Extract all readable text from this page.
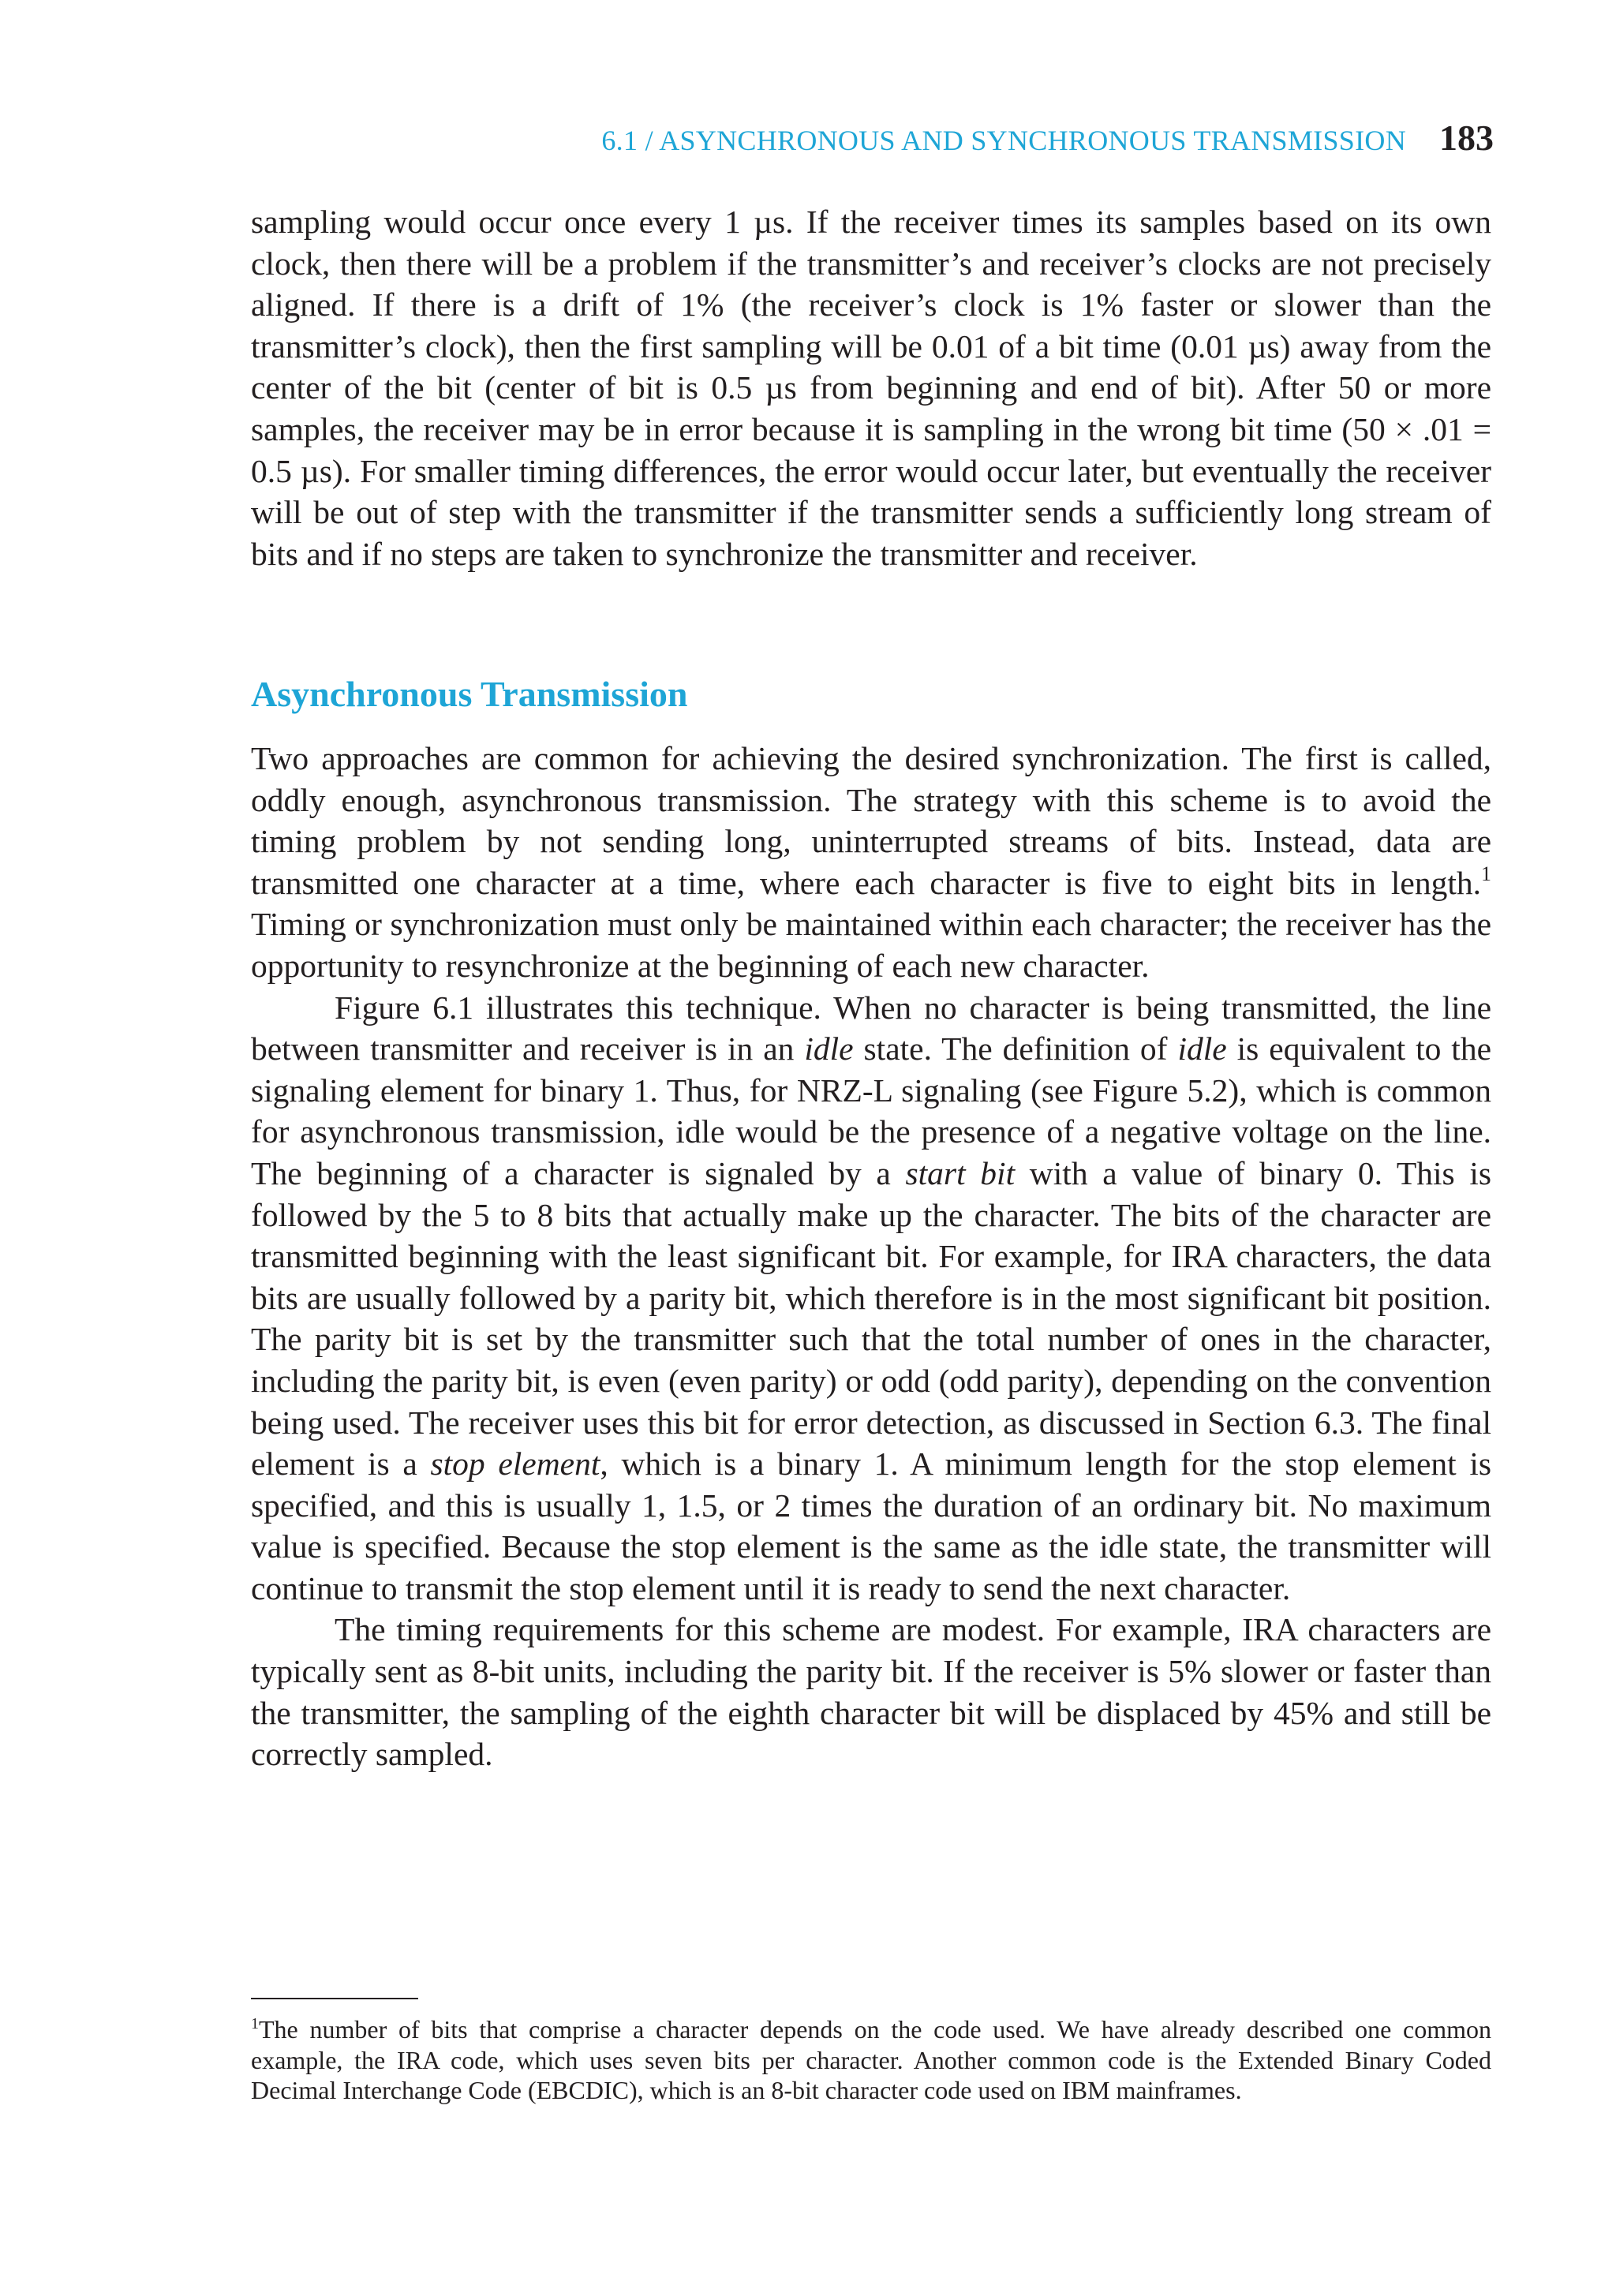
6.1 / ASYNCHRONOUS AND SYNCHRONOUS TRANSMISSION 183

sampling would occur once every 1 µs. If the receiver times its samples based on its own clock, then there will be a problem if the transmitter’s and receiver’s clocks are not precisely aligned. If there is a drift of 1% (the receiver’s clock is 1% faster or slower than the transmitter’s clock), then the first sampling will be 0.01 of a bit time (0.01 µs) away from the center of the bit (center of bit is 0.5 µs from beginning and end of bit). After 50 or more samples, the receiver may be in error because it is sampling in the wrong bit time (50 × .01 = 0.5 µs). For smaller timing differences, the error would occur later, but eventually the receiver will be out of step with the transmitter if the transmitter sends a sufficiently long stream of bits and if no steps are taken to synchronize the transmitter and receiver.

Asynchronous Transmission

Two approaches are common for achieving the desired synchronization. The first is called, oddly enough, asynchronous transmission. The strategy with this scheme is to avoid the timing problem by not sending long, uninterrupted streams of bits. Instead, data are transmitted one character at a time, where each character is five to eight bits in length.$^1$ Timing or synchronization must only be maintained within each character; the receiver has the opportunity to resynchronize at the beginning of each new character.

Figure 6.1 illustrates this technique. When no character is being transmitted, the line between transmitter and receiver is in an idle state. The definition of idle is equivalent to the signaling element for binary 1. Thus, for NRZ-L signaling (see Figure 5.2), which is common for asynchronous transmission, idle would be the presence of a negative voltage on the line. The beginning of a character is signaled by a start bit with a value of binary 0. This is followed by the 5 to 8 bits that actually make up the character. The bits of the character are transmitted beginning with the least significant bit. For example, for IRA characters, the data bits are usually followed by a parity bit, which therefore is in the most significant bit position. The parity bit is set by the transmitter such that the total number of ones in the character, including the parity bit, is even (even parity) or odd (odd parity), depending on the convention being used. The receiver uses this bit for error detection, as discussed in Section 6.3. The final element is a stop element, which is a binary 1. A minimum length for the stop element is specified, and this is usually 1, 1.5, or 2 times the duration of an ordinary bit. No maximum value is specified. Because the stop element is the same as the idle state, the transmitter will continue to transmit the stop element until it is ready to send the next character.

The timing requirements for this scheme are modest. For example, IRA characters are typically sent as 8-bit units, including the parity bit. If the receiver is 5% slower or faster than the transmitter, the sampling of the eighth character bit will be displaced by 45% and still be correctly sampled.

$^1$The number of bits that comprise a character depends on the code used. We have already described one common example, the IRA code, which uses seven bits per character. Another common code is the Extended Binary Coded Decimal Interchange Code (EBCDIC), which is an 8-bit character code used on IBM mainframes.
